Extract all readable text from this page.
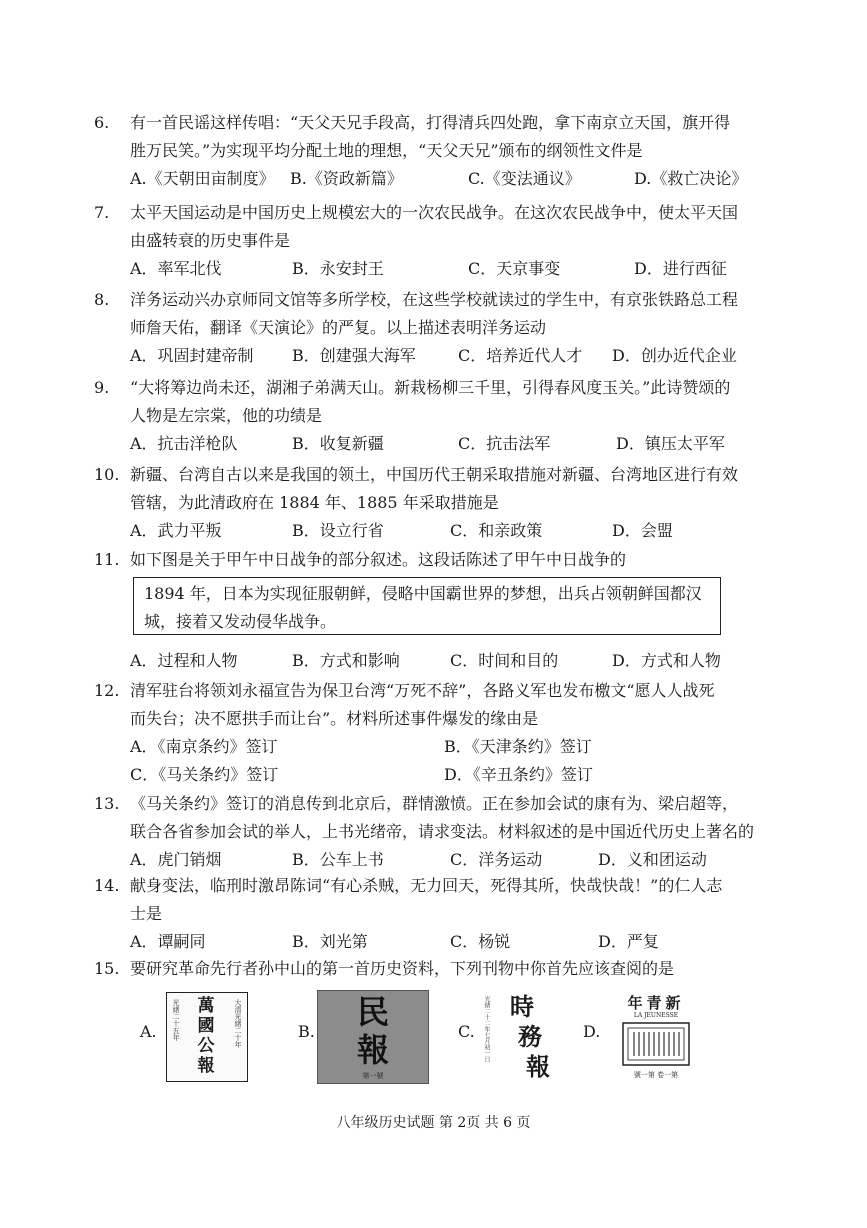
6. 有一首民谣这样传唱：“天父天兄手段高，打得清兵四处跑，拿下南京立天国，旗开得
胜万民笑。”为实现平均分配土地的理想，“天父天兄”颁布的纲领性文件是
A.《天朝田亩制度》 B.《资政新篇》	C.《变法通议》	D.《救亡决论》
7. 太平天国运动是中国历史上规模宏大的一次农民战争。在这次农民战争中，使太平天国
由盛转衰的历史事件是
A．率军北伐	B．永安封王	C．天京事变	D．进行西征
8. 洋务运动兴办京师同文馆等多所学校，在这些学校就读过的学生中，有京张铁路总工程
师詹天佑，翻译《天演论》的严复。以上描述表明洋务运动
A．巩固封建帝制 B．创建强大海军	C．培养近代人才 D．创办近代企业
9. “大将筹边尚未还，湖湘子弟满天山。新栽杨柳三千里，引得春风度玉关。”此诗赞颂的
人物是左宗棠，他的功绩是
A．抗击洋枪队	B．收复新疆	C．抗击法军	D．镇压太平军
10. 新疆、台湾自古以来是我国的领土，中国历代王朝采取措施对新疆、台湾地区进行有效
管辖，为此清政府在 1884 年、1885 年采取措施是
A．武力平叛	B．设立行省	C．和亲政策	D．会盟
11. 如下图是关于甲午中日战争的部分叙述。这段话陈述了甲午中日战争的
1894 年，日本为实现征服朝鲜，侵略中国霸世界的梦想，出兵占领朝鲜国都汉
城，接着又发动侵华战争。
A．过程和人物	B．方式和影响	C．时间和目的	D．方式和人物
12. 清军驻台将领刘永福宣告为保卫台湾“万死不辞”，各路义军也发布檄文“愿人人战死
而失台；决不愿拱手而让台”。材料所述事件爆发的缘由是
A．《南京条约》签订	B．《天津条约》签订
C．《马关条约》签订	D．《辛丑条约》签订
13. 《马关条约》签订的消息传到北京后，群情激愤。正在参加会试的康有为、梁启超等，
联合各省参加会试的举人，上书光绪帝，请求变法。材料叙述的是中国近代历史上著名的
A．虎门销烟	B．公车上书	C．洋务运动	D．义和团运动
14. 献身变法，临刑时激昂陈词“有心杀贼，无力回天，死得其所，快哉快哉！”的仁人志
士是
A．谭嗣同	B．刘光第	C．杨锐	D．严复
15. 要研究革命先行者孙中山的第一首历史资料，下列刊物中你首先应该查阅的是
A. 光緒二十五年	萬
國
公
報
大清光緒二十年	B.
民
報
第一號
C. 光緒二十二年七月初一日 時
務
報
D.
年青新
LA JEUNESSE
號一第 卷一第
八年级历史试题 第 2页 共 6 页
